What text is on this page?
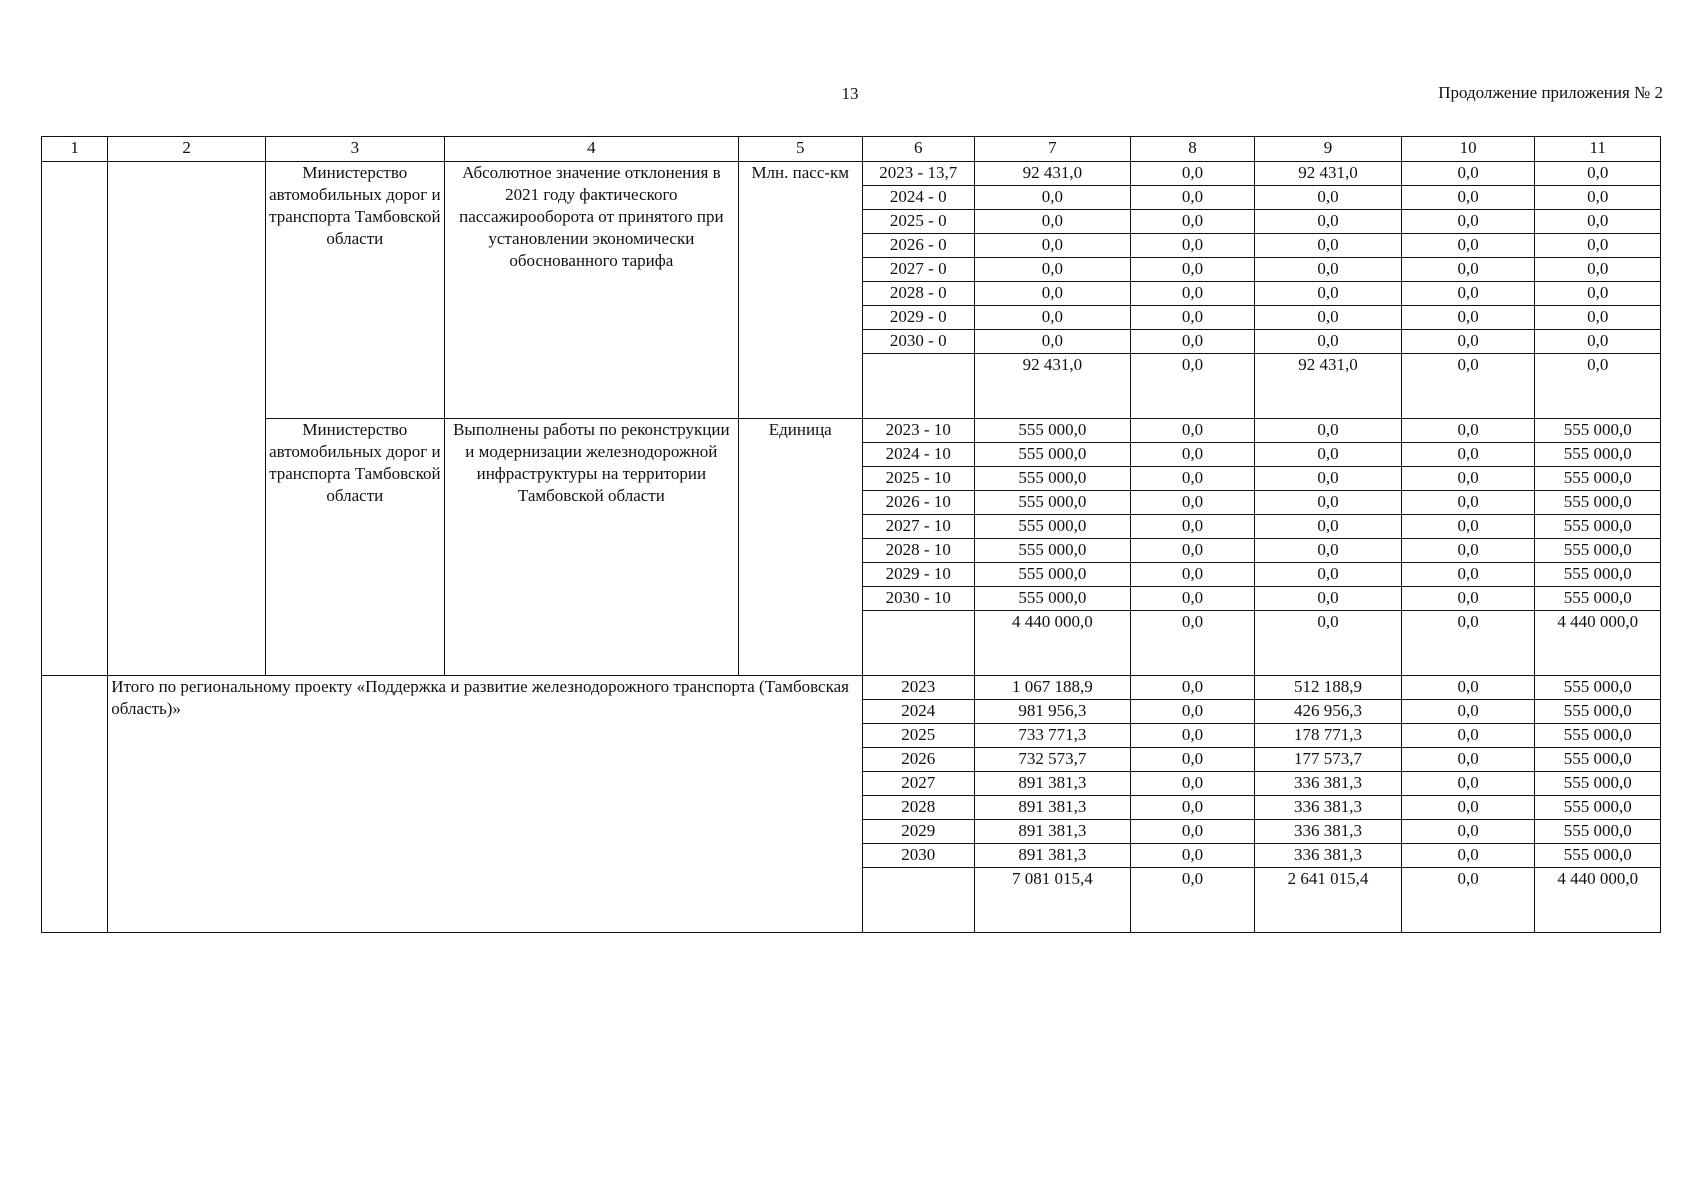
13	Продолжение приложения № 2
1	2	3	4	5	6	7	8	9	10	11
		Министерство автомобильных дорог и транспорта Тамбовской области	Абсолютное значение отклонения в 2021 году фактического пассажирооборота от принятого при установлении экономически обоснованного тарифа	Млн. пасс-км	2023 - 13,7	92 431,0	0,0	92 431,0	0,0	0,0
					2024 - 0	0,0	0,0	0,0	0,0	0,0
					2025 - 0	0,0	0,0	0,0	0,0	0,0
					2026 - 0	0,0	0,0	0,0	0,0	0,0
					2027 - 0	0,0	0,0	0,0	0,0	0,0
					2028 - 0	0,0	0,0	0,0	0,0	0,0
					2029 - 0	0,0	0,0	0,0	0,0	0,0
					2030 - 0	0,0	0,0	0,0	0,0	0,0
						92 431,0	0,0	92 431,0	0,0	0,0
		Министерство автомобильных дорог и транспорта Тамбовской области	Выполнены работы по реконструкции и модернизации железнодорожной инфраструктуры на территории Тамбовской области	Единица	2023 - 10	555 000,0	0,0	0,0	0,0	555 000,0
					2024 - 10	555 000,0	0,0	0,0	0,0	555 000,0
					2025 - 10	555 000,0	0,0	0,0	0,0	555 000,0
					2026 - 10	555 000,0	0,0	0,0	0,0	555 000,0
					2027 - 10	555 000,0	0,0	0,0	0,0	555 000,0
					2028 - 10	555 000,0	0,0	0,0	0,0	555 000,0
					2029 - 10	555 000,0	0,0	0,0	0,0	555 000,0
					2030 - 10	555 000,0	0,0	0,0	0,0	555 000,0
						4 440 000,0	0,0	0,0	0,0	4 440 000,0
	Итого по региональному проекту «Поддержка и развитие железнодорожного транспорта (Тамбовская область)»				2023	1 067 188,9	0,0	512 188,9	0,0	555 000,0
					2024	981 956,3	0,0	426 956,3	0,0	555 000,0
					2025	733 771,3	0,0	178 771,3	0,0	555 000,0
					2026	732 573,7	0,0	177 573,7	0,0	555 000,0
					2027	891 381,3	0,0	336 381,3	0,0	555 000,0
					2028	891 381,3	0,0	336 381,3	0,0	555 000,0
					2029	891 381,3	0,0	336 381,3	0,0	555 000,0
					2030	891 381,3	0,0	336 381,3	0,0	555 000,0
						7 081 015,4	0,0	2 641 015,4	0,0	4 440 000,0
